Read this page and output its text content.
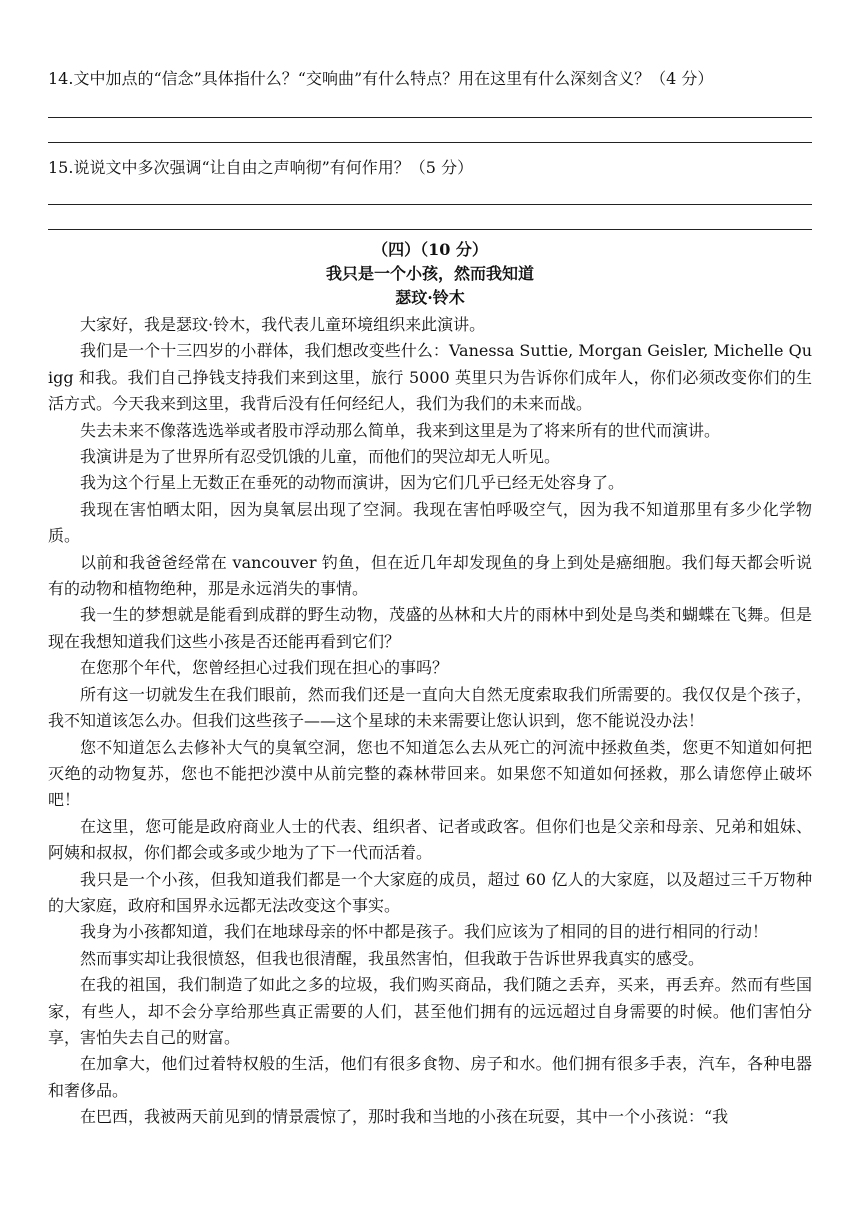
14.文中加点的“信念”具体指什么？“交响曲”有什么特点？用在这里有什么深刻含义？（4 分）

15.说说文中多次强调“让自由之声响彻”有何作用？（5 分）

（四）（10 分）

我只是一个小孩，然而我知道

瑟玟·铃木

大家好，我是瑟玟·铃木，我代表儿童环境组织来此演讲。

我们是一个十三四岁的小群体，我们想改变些什么：Vanessa Suttie, Morgan Geisler, Michelle Quigg 和我。我们自己挣钱支持我们来到这里，旅行 5000 英里只为告诉你们成年人，你们必须改变你们的生活方式。今天我来到这里，我背后没有任何经纪人，我们为我们的未来而战。

失去未来不像落选选举或者股市浮动那么简单，我来到这里是为了将来所有的世代而演讲。

我演讲是为了世界所有忍受饥饿的儿童，而他们的哭泣却无人听见。

我为这个行星上无数正在垂死的动物而演讲，因为它们几乎已经无处容身了。

我现在害怕晒太阳，因为臭氧层出现了空洞。我现在害怕呼吸空气，因为我不知道那里有多少化学物质。

以前和我爸爸经常在 vancouver 钓鱼，但在近几年却发现鱼的身上到处是癌细胞。我们每天都会听说有的动物和植物绝种，那是永远消失的事情。

我一生的梦想就是能看到成群的野生动物，茂盛的丛林和大片的雨林中到处是鸟类和蝴蝶在飞舞。但是现在我想知道我们这些小孩是否还能再看到它们？

在您那个年代，您曾经担心过我们现在担心的事吗？

所有这一切就发生在我们眼前，然而我们还是一直向大自然无度索取我们所需要的。我仅仅是个孩子，我不知道该怎么办。但我们这些孩子——这个星球的未来需要让您认识到，您不能说没办法！

您不知道怎么去修补大气的臭氧空洞，您也不知道怎么去从死亡的河流中拯救鱼类，您更不知道如何把灭绝的动物复苏，您也不能把沙漠中从前完整的森林带回来。如果您不知道如何拯救，那么请您停止破坏吧！

在这里，您可能是政府商业人士的代表、组织者、记者或政客。但你们也是父亲和母亲、兄弟和姐妹、阿姨和叔叔，你们都会或多或少地为了下一代而活着。

我只是一个小孩，但我知道我们都是一个大家庭的成员，超过 60 亿人的大家庭，以及超过三千万物种的大家庭，政府和国界永远都无法改变这个事实。

我身为小孩都知道，我们在地球母亲的怀中都是孩子。我们应该为了相同的目的进行相同的行动！

然而事实却让我很愤怒，但我也很清醒，我虽然害怕，但我敢于告诉世界我真实的感受。

在我的祖国，我们制造了如此之多的垃圾，我们购买商品，我们随之丢弃，买来，再丢弃。然而有些国家，有些人，却不会分享给那些真正需要的人们，甚至他们拥有的远远超过自身需要的时候。他们害怕分享，害怕失去自己的财富。

在加拿大，他们过着特权般的生活，他们有很多食物、房子和水。他们拥有很多手表，汽车，各种电器和奢侈品。

在巴西，我被两天前见到的情景震惊了，那时我和当地的小孩在玩耍，其中一个小孩说：“我
